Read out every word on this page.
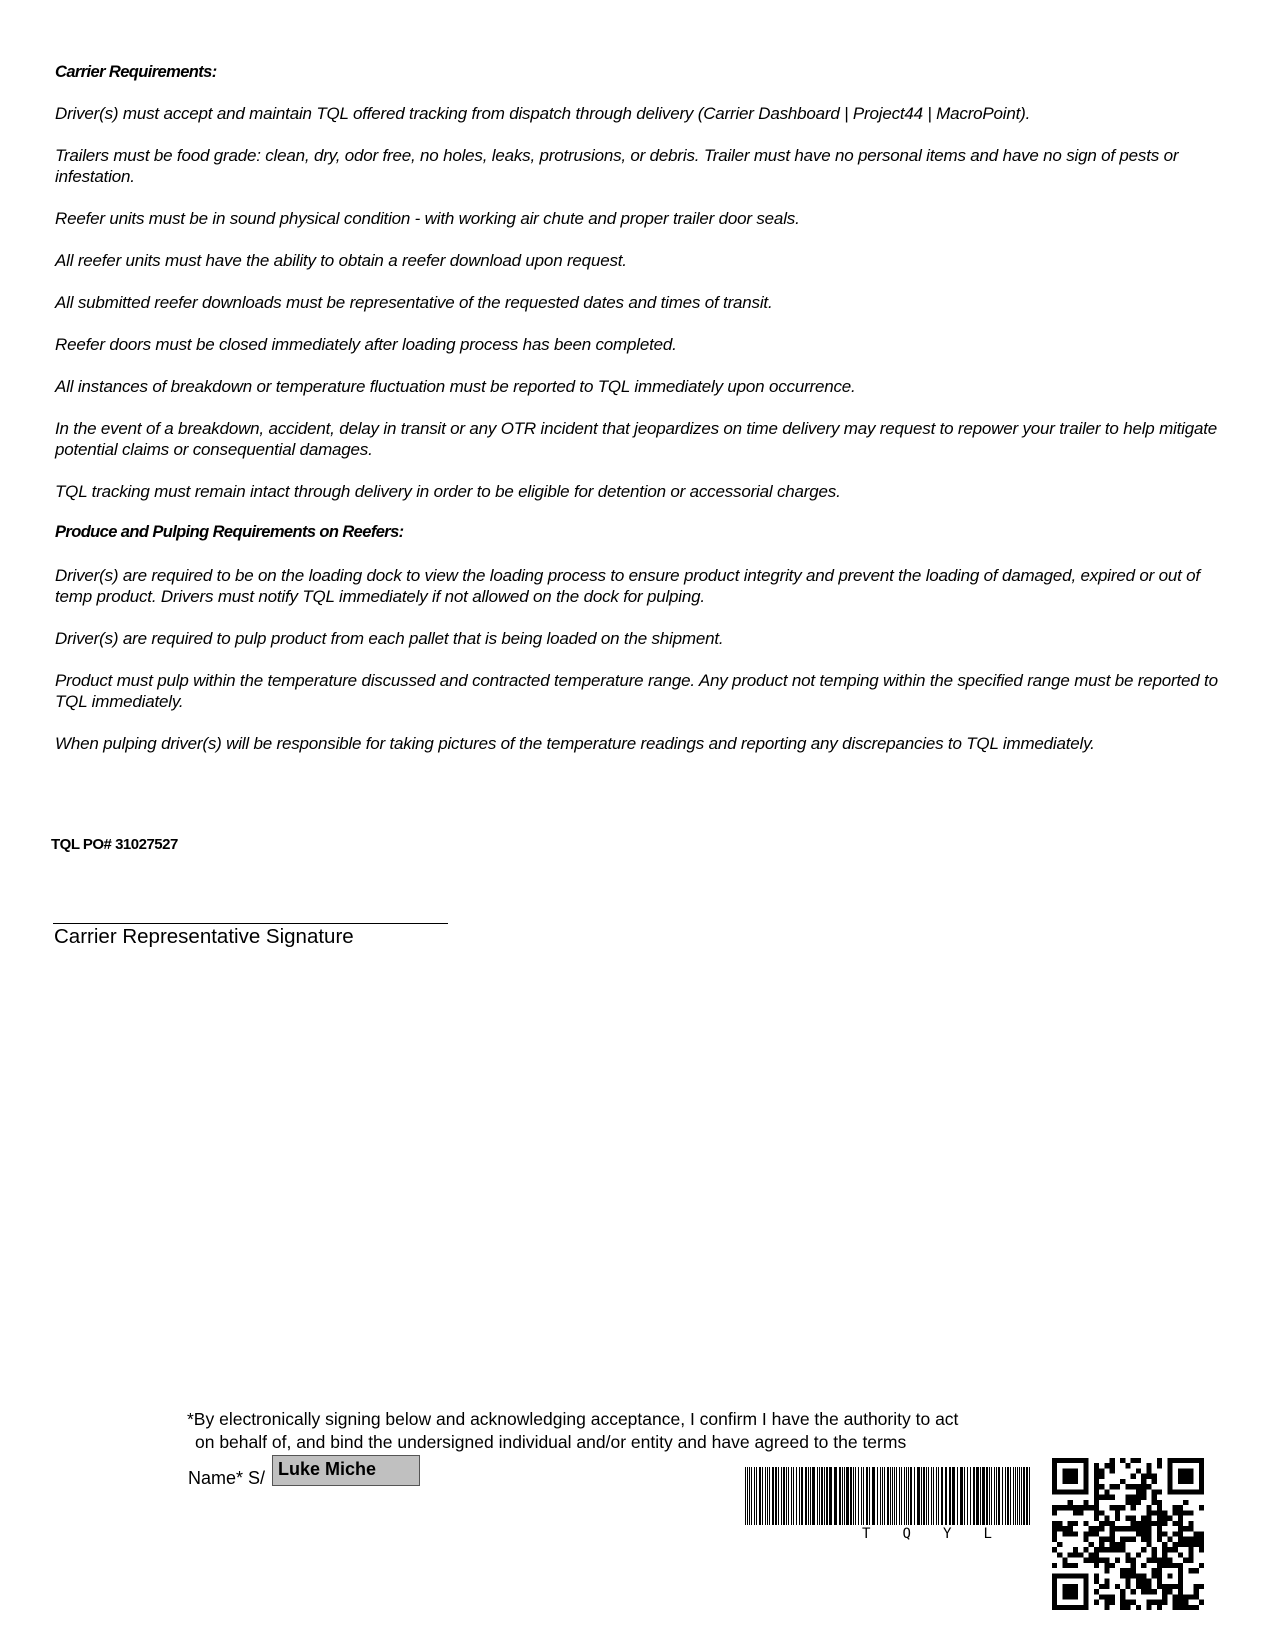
Carrier Requirements:
Driver(s) must accept and maintain TQL offered tracking from dispatch through delivery (Carrier Dashboard | Project44 | MacroPoint).
Trailers must be food grade: clean, dry, odor free, no holes, leaks, protrusions, or debris. Trailer must have no personal items and have no sign of pests or infestation.
Reefer units must be in sound physical condition - with working air chute and proper trailer door seals.
All reefer units must have the ability to obtain a reefer download upon request.
All submitted reefer downloads must be representative of the requested dates and times of transit.
Reefer doors must be closed immediately after loading process has been completed.
All instances of breakdown or temperature fluctuation must be reported to TQL immediately upon occurrence.
In the event of a breakdown, accident, delay in transit or any OTR incident that jeopardizes on time delivery may request to repower your trailer to help mitigate potential claims or consequential damages.
TQL tracking must remain intact through delivery in order to be eligible for detention or accessorial charges.
Produce and Pulping Requirements on Reefers:
Driver(s) are required to be on the loading dock to view the loading process to ensure product integrity and prevent the loading of damaged, expired or out of temp product. Drivers must notify TQL immediately if not allowed on the dock for pulping.
Driver(s) are required to pulp product from each pallet that is being loaded on the shipment.
Product must pulp within the temperature discussed and contracted temperature range. Any product not temping within the specified range must be reported to TQL immediately.
When pulping driver(s) will be responsible for taking pictures of the temperature readings and reporting any discrepancies to TQL immediately.
TQL PO# 31027527
Carrier Representative Signature
*By electronically signing below and acknowledging acceptance, I confirm I have the authority to act
on behalf of, and bind the undersigned individual and/or entity and have agreed to the terms
Name* S/ Luke Miche
T Q Y L
